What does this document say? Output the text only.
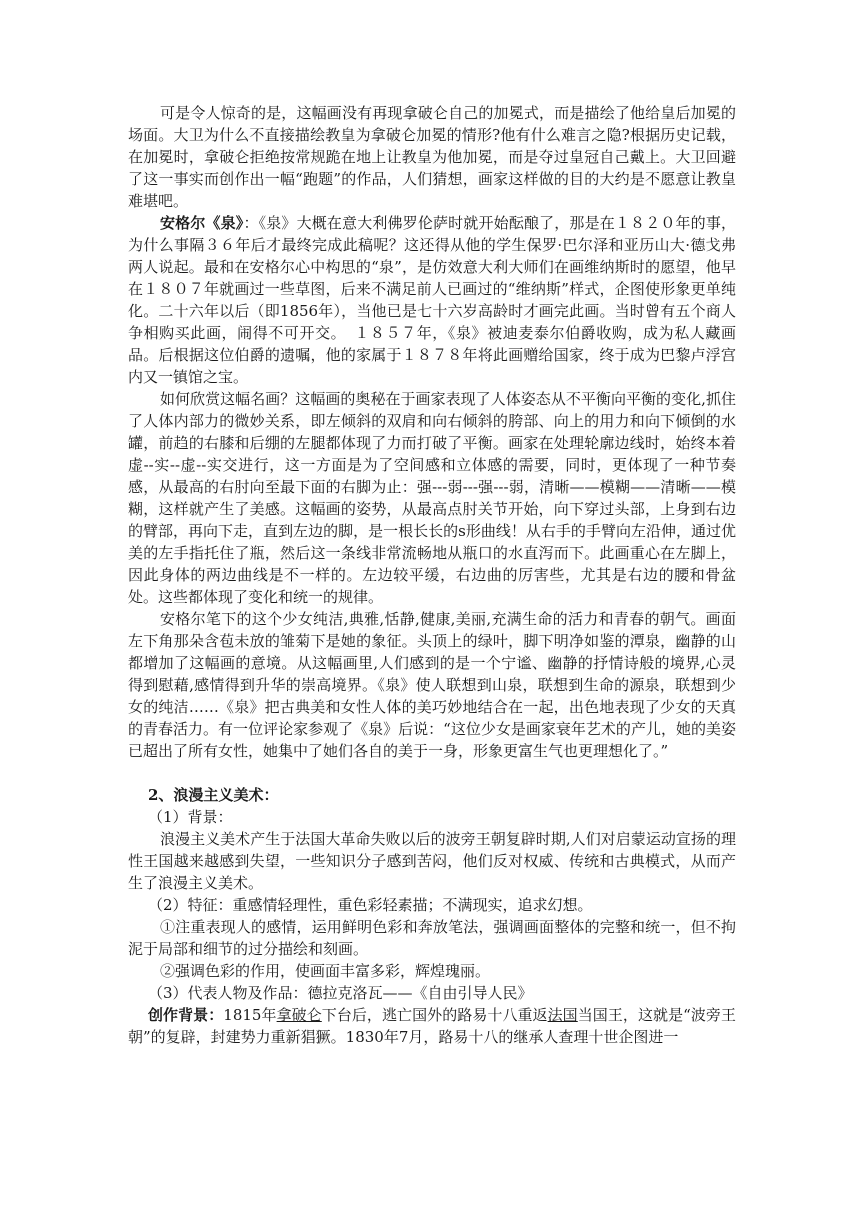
可是令人惊奇的是，这幅画没有再现拿破仑自己的加冕式，而是描绘了他给皇后加冕的场面。大卫为什么不直接描绘教皇为拿破仑加冕的情形?他有什么难言之隐?根据历史记载，在加冕时，拿破仑拒绝按常规跪在地上让教皇为他加冕，而是夺过皇冠自己戴上。大卫回避了这一事实而创作出一幅“跑题”的作品，人们猜想，画家这样做的目的大约是不愿意让教皇难堪吧。

安格尔《泉》：《泉》大概在意大利佛罗伦萨时就开始酝酿了，那是在１８２０年的事，为什么事隔３６年后才最终完成此稿呢？这还得从他的学生保罗·巴尔泽和亚历山大·德戈弗两人说起。最和在安格尔心中构思的“泉”，是仿效意大利大师们在画维纳斯时的愿望，他早在１８０７年就画过一些草图，后来不满足前人已画过的“维纳斯”样式，企图使形象更单纯化。二十六年以后（即1856年），当他已是七十六岁高龄时才画完此画。当时曾有五个商人争相购买此画，闹得不可开交。　１８５７年，《泉》被迪麦泰尔伯爵收购，成为私人藏画品。后根据这位伯爵的遗嘱，他的家属于１８７８年将此画赠给国家，终于成为巴黎卢浮宫内又一镇馆之宝。

如何欣赏这幅名画？这幅画的奥秘在于画家表现了人体姿态从不平衡向平衡的变化,抓住了人体内部力的微妙关系，即左倾斜的双肩和向右倾斜的胯部、向上的用力和向下倾倒的水罐，前趋的右膝和后绷的左腿都体现了力而打破了平衡。画家在处理轮廓边线时，始终本着虚--实--虚--实交进行，这一方面是为了空间感和立体感的需要，同时，更体现了一种节奏感，从最高的右肘向至最下面的右脚为止：强---弱---强---弱，清晰——模糊——清晰——模糊，这样就产生了美感。这幅画的姿势，从最高点肘关节开始，向下穿过头部，上身到右边的臂部，再向下走，直到左边的脚，是一根长长的s形曲线！从右手的手臂向左沿伸，通过优美的左手指托住了瓶，然后这一条线非常流畅地从瓶口的水直泻而下。此画重心在左脚上，因此身体的两边曲线是不一样的。左边较平缓，右边曲的厉害些，尤其是右边的腰和骨盆处。这些都体现了变化和统一的规律。

安格尔笔下的这个少女纯洁,典雅,恬静,健康,美丽,充满生命的活力和青春的朝气。画面左下角那朵含苞未放的雏菊下是她的象征。头顶上的绿叶，脚下明净如鉴的潭泉，幽静的山都增加了这幅画的意境。从这幅画里,人们感到的是一个宁谧、幽静的抒情诗般的境界,心灵得到慰藉,感情得到升华的崇高境界。《泉》使人联想到山泉，联想到生命的源泉，联想到少女的纯洁……《泉》把古典美和女性人体的美巧妙地结合在一起，出色地表现了少女的天真的青春活力。有一位评论家参观了《泉》后说：“这位少女是画家衰年艺术的产儿，她的美姿已超出了所有女性，她集中了她们各自的美于一身，形象更富生气也更理想化了。”

2、浪漫主义美术：

（1）背景：

浪漫主义美术产生于法国大革命失败以后的波旁王朝复辟时期,人们对启蒙运动宣扬的理性王国越来越感到失望，一些知识分子感到苦闷，他们反对权威、传统和古典模式，从而产生了浪漫主义美术。

（2）特征：重感情轻理性，重色彩轻素描；不满现实，追求幻想。

①注重表现人的感情，运用鲜明色彩和奔放笔法，强调画面整体的完整和统一，但不拘泥于局部和细节的过分描绘和刻画。

②强调色彩的作用，使画面丰富多彩，辉煌瑰丽。

（3）代表人物及作品：德拉克洛瓦——《自由引导人民》

创作背景：1815年拿破仑下台后，逃亡国外的路易十八重返法国当国王，这就是“波旁王朝”的复辟，封建势力重新猖獗。1830年7月，路易十八的继承人查理十世企图进一
